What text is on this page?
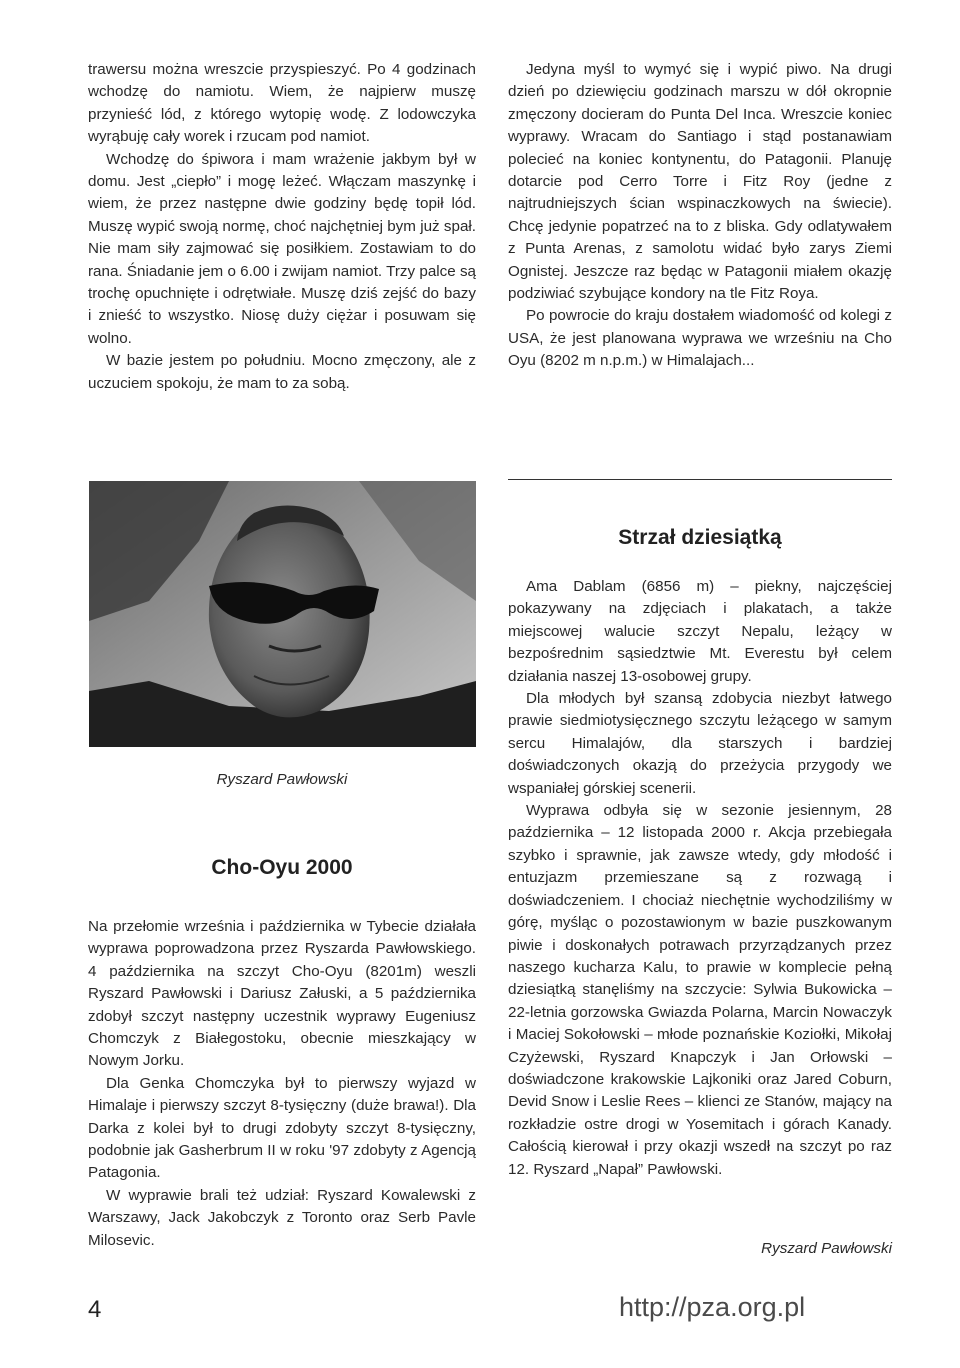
trawersu można wreszcie przyspieszyć. Po 4 godzinach wchodzę do namiotu. Wiem, że najpierw muszę przynieść lód, z którego wytopię wodę. Z lodowczyka wyrąbuję cały worek i rzucam pod namiot.

Wchodzę do śpiwora i mam wrażenie jakbym był w domu. Jest „ciepło” i mogę leżeć. Włączam maszynkę i wiem, że przez następne dwie godziny będę topił lód. Muszę wypić swoją normę, choć najchętniej bym już spał. Nie mam siły zajmować się posiłkiem. Zostawiam to do rana. Śniadanie jem o 6.00 i zwijam namiot. Trzy palce są trochę opuchnięte i odrętwiałe. Muszę dziś zejść do bazy i znieść to wszystko. Niosę duży ciężar i posuwam się wolno.

W bazie jestem po południu. Mocno zmęczony, ale z uczuciem spokoju, że mam to za sobą.

Jedyna myśl to wymyć się i wypić piwo. Na drugi dzień po dziewięciu godzinach marszu w dół okropnie zmęczony docieram do Punta Del Inca. Wreszcie koniec wyprawy. Wracam do Santiago i stąd postanawiam polecieć na koniec kontynentu, do Patagonii. Planuję dotarcie pod Cerro Torre i Fitz Roy (jedne z najtrudniejszych ścian wspinaczkowych na świecie). Chcę jedynie popatrzeć na to z bliska. Gdy odlatywałem z Punta Arenas, z samolotu widać było zarys Ziemi Ognistej. Jeszcze raz będąc w Patagonii miałem okazję podziwiać szybujące kondory na tle Fitz Roya.

Po powrocie do kraju dostałem wiadomość od kolegi z USA, że jest planowana wyprawa we wrześniu na Cho Oyu (8202 m n.p.m.) w Himalajach...

Ryszard Pawłowski
Strzał dziesiątką

Ama Dablam (6856 m) – piekny, najczęściej pokazywany na zdjęciach i plakatach, a także miejscowej walucie szczyt Nepalu, leżący w bezpośrednim sąsiedztwie Mt. Everestu był celem działania naszej 13-osobowej grupy.

Dla młodych był szansą zdobycia niezbyt łatwego prawie siedmiotysięcznego szczytu leżącego w samym sercu Himalajów, dla starszych i bardziej doświadczonych okazją do przeżycia przygody we wspaniałej górskiej scenerii.

Wyprawa odbyła się w sezonie jesiennym, 28 października – 12 listopada 2000 r. Akcja przebiegała szybko i sprawnie, jak zawsze wtedy, gdy młodość i entuzjazm przemieszane są z rozwagą i doświadczeniem. I chociaż niechętnie wychodziliśmy w górę, myśląc o pozostawionym w bazie puszkowanym piwie i doskonałych potrawach przyrządzanych przez naszego kucharza Kalu, to prawie w komplecie pełną dziesiątką stanęliśmy na szczycie: Sylwia Bukowicka – 22-letnia gorzowska Gwiazda Polarna, Marcin Nowaczyk i Maciej Sokołowski – młode poznańskie Koziołki, Mikołaj Czyżewski, Ryszard Knapczyk i Jan Orłowski – doświadczone krakowskie Lajkoniki oraz Jared Coburn, Devid Snow i Leslie Rees – klienci ze Stanów, mający na rozkładzie ostre drogi w Yosemitach i górach Kanady. Całością kierował i przy okazji wszedł na szczyt po raz 12. Ryszard „Napał” Pawłowski.

Ryszard Pawłowski
Cho-Oyu 2000

Na przełomie września i października w Tybecie działała wyprawa poprowadzona przez Ryszarda Pawłowskiego. 4 października na szczyt Cho-Oyu (8201m) weszli Ryszard Pawłowski i Dariusz Załuski, a 5 października zdobył szczyt następny uczestnik wyprawy Eugeniusz Chomczyk z Białegostoku, obecnie mieszkający w Nowym Jorku.

Dla Genka Chomczyka był to pierwszy wyjazd w Himalaje i pierwszy szczyt 8-tysięczny (duże brawa!). Dla Darka z kolei był to drugi zdobyty szczyt 8-tysięczny, podobnie jak Gasherbrum II w roku '97 zdobyty z Agencją Patagonia.

W wyprawie brali też udział: Ryszard Kowalewski z Warszawy, Jack Jakobczyk z Toronto oraz Serb Pavle Milosevic.

4	http://pza.org.pl
